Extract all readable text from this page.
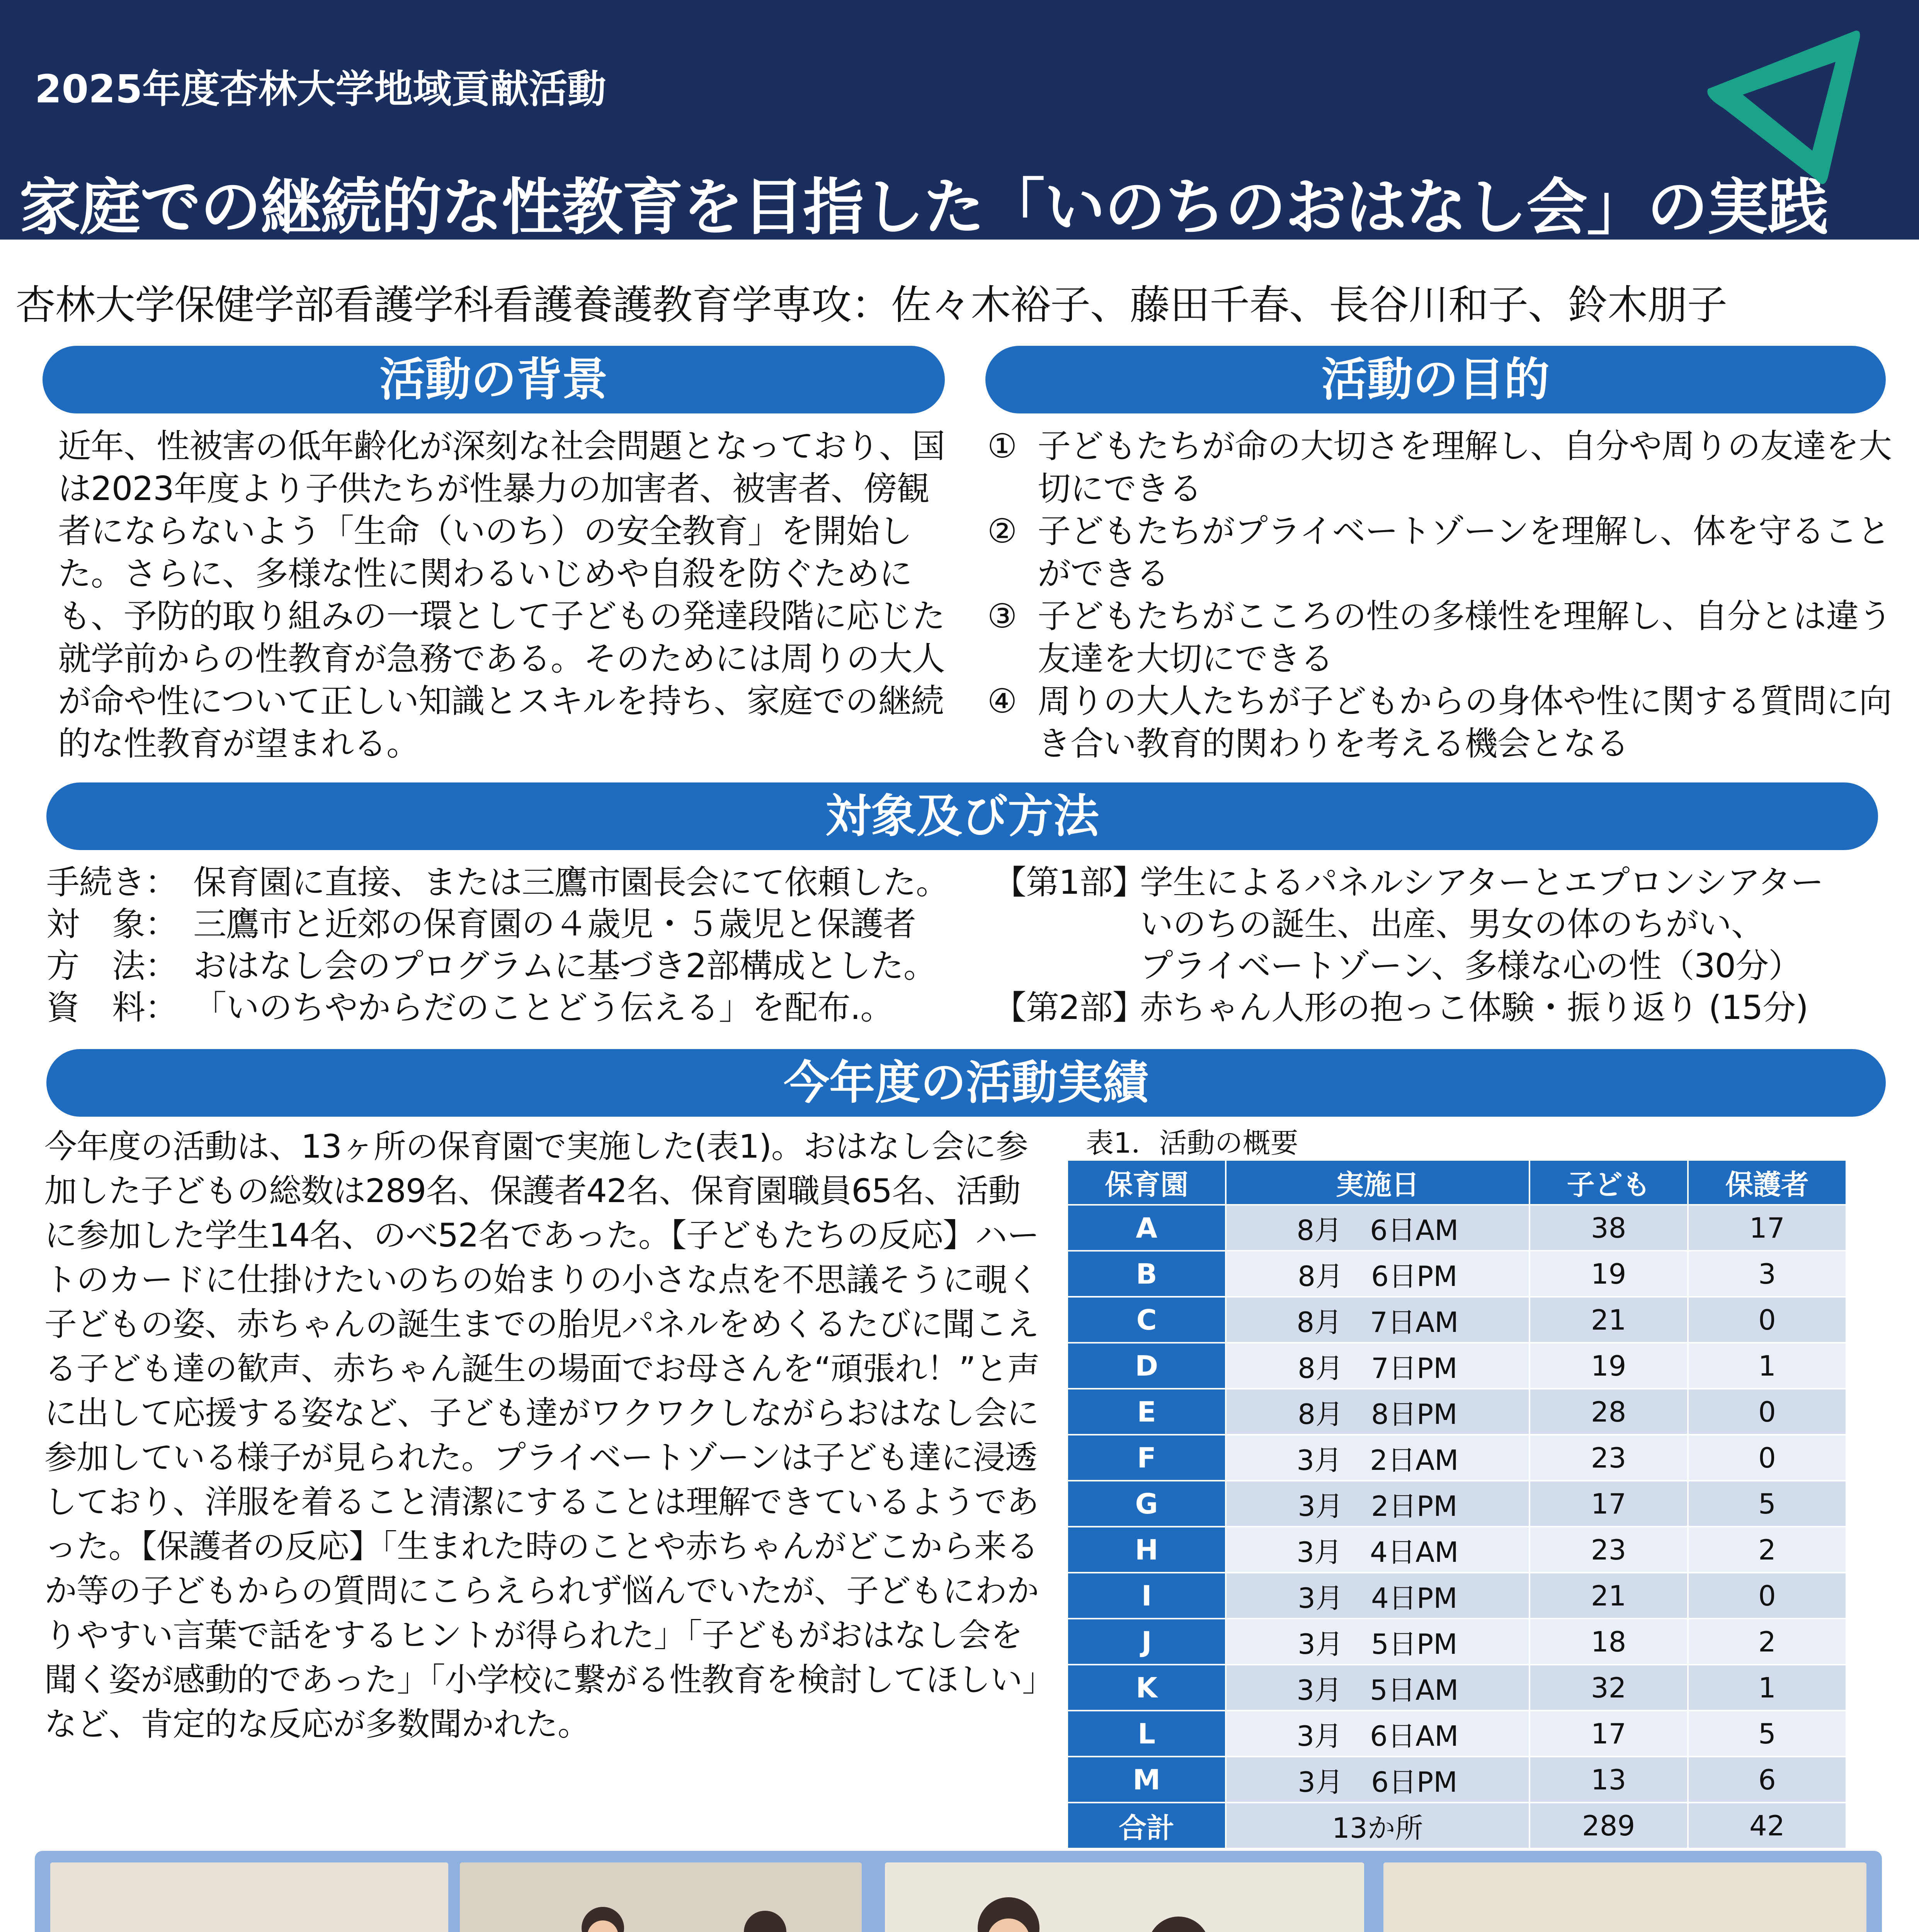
2025年度杏林大学地域貢献活動
家庭での継続的な性教育を目指した「いのちのおはなし会」の実践
杏林大学保健学部看護学科看護養護教育学専攻：佐々木裕子、藤田千春、長谷川和子、鈴木朋子
活動の背景

近年、性被害の低年齢化が深刻な社会問題となっており、国は2023年度より子供たちが性暴力の加害者、被害者、傍観者にならないよう「生命（いのち）の安全教育」を開始した。さらに、多様な性に関わるいじめや自殺を防ぐためにも、予防的取り組みの一環として子どもの発達段階に応じた就学前からの性教育が急務である。そのためには周りの大人が命や性について正しい知識とスキルを持ち、家庭での継続的な性教育が望まれる。

活動の目的
① 子どもたちが命の大切さを理解し、自分や周りの友達を大切にできる
② 子どもたちがプライベートゾーンを理解し、体を守ることができる
③ 子どもたちがこころの性の多様性を理解し、自分とは違う友達を大切にできる
④ 周りの大人たちが子どもからの身体や性に関する質問に向き合い教育的関わりを考える機会となる
対象及び方法
手続き： 保育園に直接、または三鷹市園長会にて依頼した。
対　象： 三鷹市と近郊の保育園の４歳児・５歳児と保護者
方　法： おはなし会のプログラムに基づき2部構成とした。
資　料： 「いのちやからだのことどう伝える」を配布.。
【第1部】学生によるパネルシアターとエプロンシアター
いのちの誕生、出産、男女の体のちがい、
プライベートゾーン、多様な心の性（30分）
【第2部】赤ちゃん人形の抱っこ体験・振り返り (15分)
今年度の活動実績

今年度の活動は、13ヶ所の保育園で実施した(表1)。おはなし会に参加した子どもの総数は289名、保護者42名、保育園職員65名、活動に参加した学生14名、のべ52名であった。【子どもたちの反応】ハートのカードに仕掛けたいのちの始まりの小さな点を不思議そうに覗く子どもの姿、赤ちゃんの誕生までの胎児パネルをめくるたびに聞こえる子ども達の歓声、赤ちゃん誕生の場面でお母さんを“頑張れ！”と声に出して応援する姿など、子ども達がワクワクしながらおはなし会に参加している様子が見られた。プライベートゾーンは子ども達に浸透しており、洋服を着ること清潔にすることは理解できているようであった。【保護者の反応】「生まれた時のことや赤ちゃんがどこから来るか等の子どもからの質問にこらえられず悩んでいたが、子どもにわかりやすい言葉で話をするヒントが得られた」「子どもがおはなし会を聞く姿が感動的であった」「小学校に繋がる性教育を検討してほしい」など、肯定的な反応が多数聞かれた。

表1．活動の概要
保育園	実施日	子ども	保護者
A	8月　6日AM	38	17
B	8月　6日PM	19	3
C	8月　7日AM	21	0
D	8月　7日PM	19	1
E	8月　8日PM	28	0
F	3月　2日AM	23	0
G	3月　2日PM	17	5
H	3月　4日AM	23	2
I	3月　4日PM	21	0
J	3月　5日PM	18	2
K	3月　5日AM	32	1
L	3月　6日AM	17	5
M	3月　6日PM	13	6
合計	13か所	289	42
